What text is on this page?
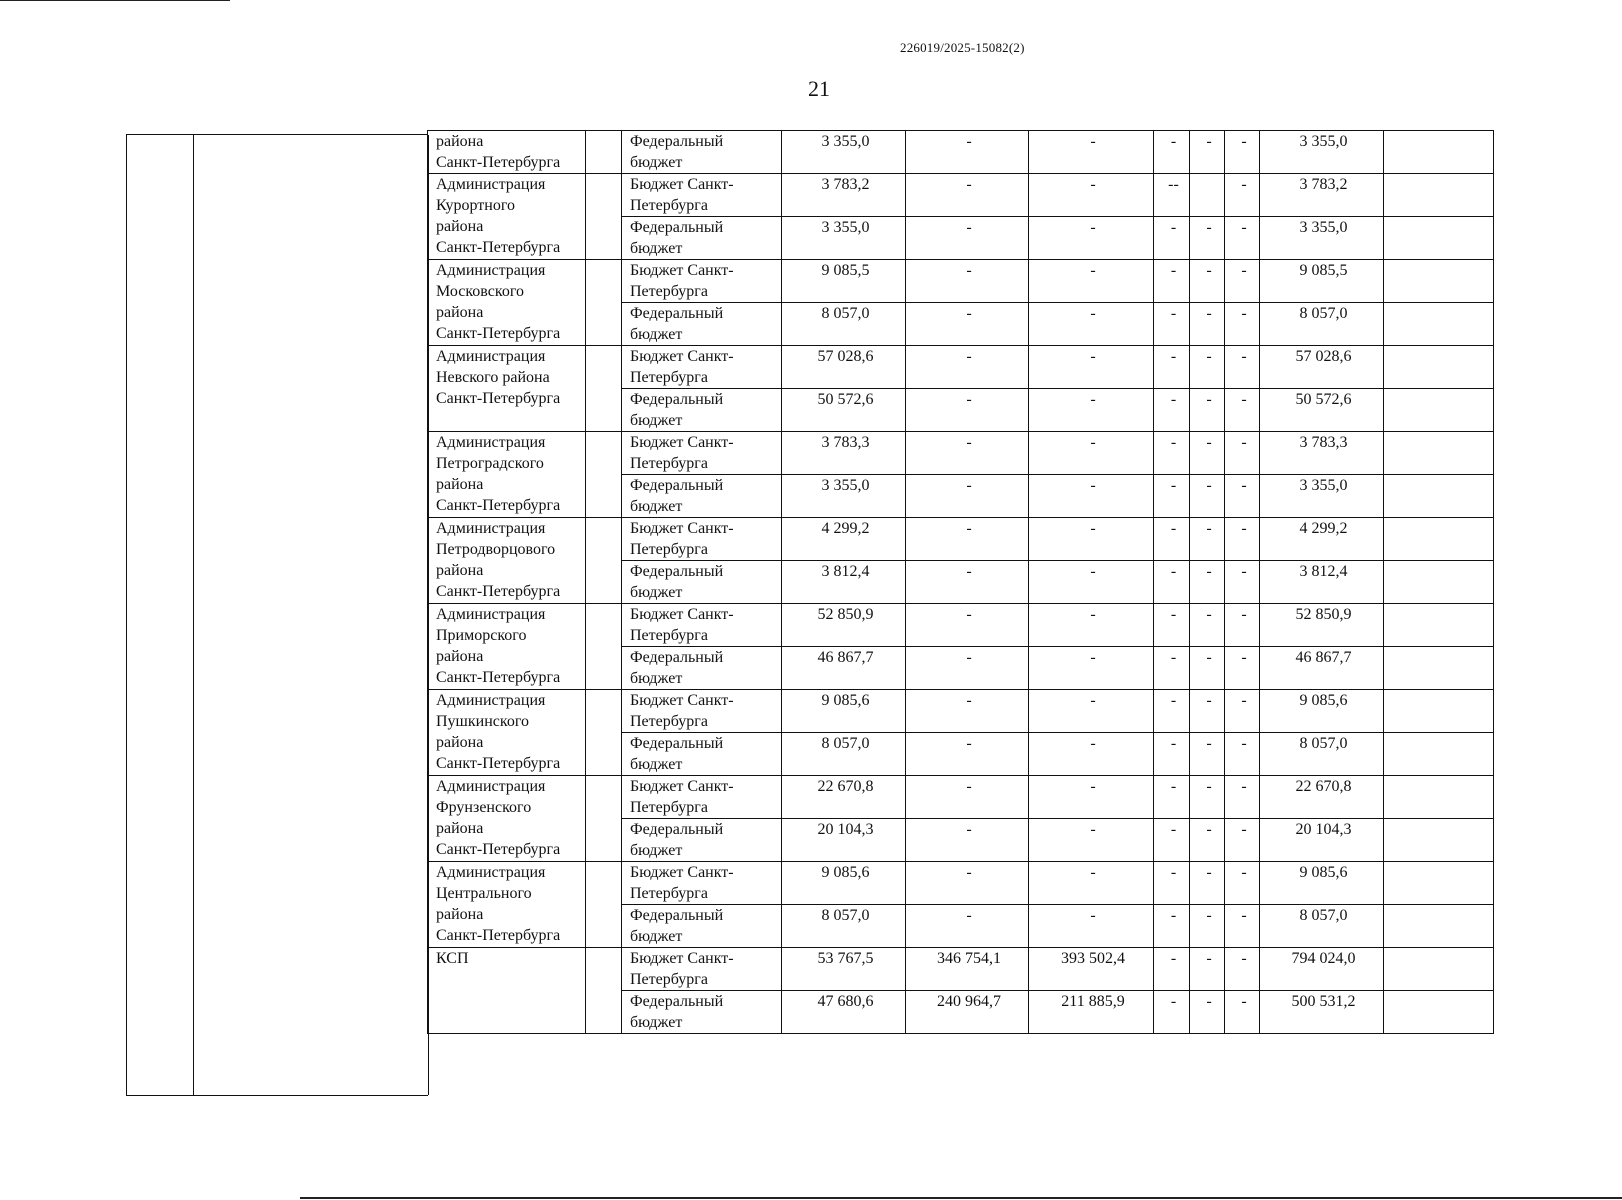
226019/2025-15082(2)
21
района
Санкт-Петербурга		Федеральный бюджет	3 355,0	-	-	-	-	-	3 355,0	

Администрация
Курортного
района
Санкт-Петербурга		Бюджет Санкт-Петербурга	3 783,2	-	-	--		-	3 783,2	
		Федеральный бюджет	3 355,0	-	-	-	-	-	3 355,0	

Администрация
Московского
района
Санкт-Петербурга		Бюджет Санкт-Петербурга	9 085,5	-	-	-	-	-	9 085,5	
		Федеральный бюджет	8 057,0	-	-	-	-	-	8 057,0	

Администрация
Невского района
Санкт-Петербурга		Бюджет Санкт-Петербурга	57 028,6	-	-	-	-	-	57 028,6	
		Федеральный бюджет	50 572,6	-	-	-	-	-	50 572,6	

Администрация
Петроградского
района
Санкт-Петербурга		Бюджет Санкт-Петербурга	3 783,3	-	-	-	-	-	3 783,3	
		Федеральный бюджет	3 355,0	-	-	-	-	-	3 355,0	

Администрация
Петродворцового
района
Санкт-Петербурга		Бюджет Санкт-Петербурга	4 299,2	-	-	-	-	-	4 299,2	
		Федеральный бюджет	3 812,4	-	-	-	-	-	3 812,4	

Администрация
Приморского
района
Санкт-Петербурга		Бюджет Санкт-Петербурга	52 850,9	-	-	-	-	-	52 850,9	
		Федеральный бюджет	46 867,7	-	-	-	-	-	46 867,7	

Администрация
Пушкинского
района
Санкт-Петербурга		Бюджет Санкт-Петербурга	9 085,6	-	-	-	-	-	9 085,6	
		Федеральный бюджет	8 057,0	-	-	-	-	-	8 057,0	

Администрация
Фрунзенского
района
Санкт-Петербурга		Бюджет Санкт-Петербурга	22 670,8	-	-	-	-	-	22 670,8	
		Федеральный бюджет	20 104,3	-	-	-	-	-	20 104,3	

Администрация
Центрального
района
Санкт-Петербурга		Бюджет Санкт-Петербурга	9 085,6	-	-	-	-	-	9 085,6	
		Федеральный бюджет	8 057,0	-	-	-	-	-	8 057,0	

КСП		Бюджет Санкт-Петербурга	53 767,5	346 754,1	393 502,4	-	-	-	794 024,0	
		Федеральный бюджет	47 680,6	240 964,7	211 885,9	-	-	-	500 531,2	
